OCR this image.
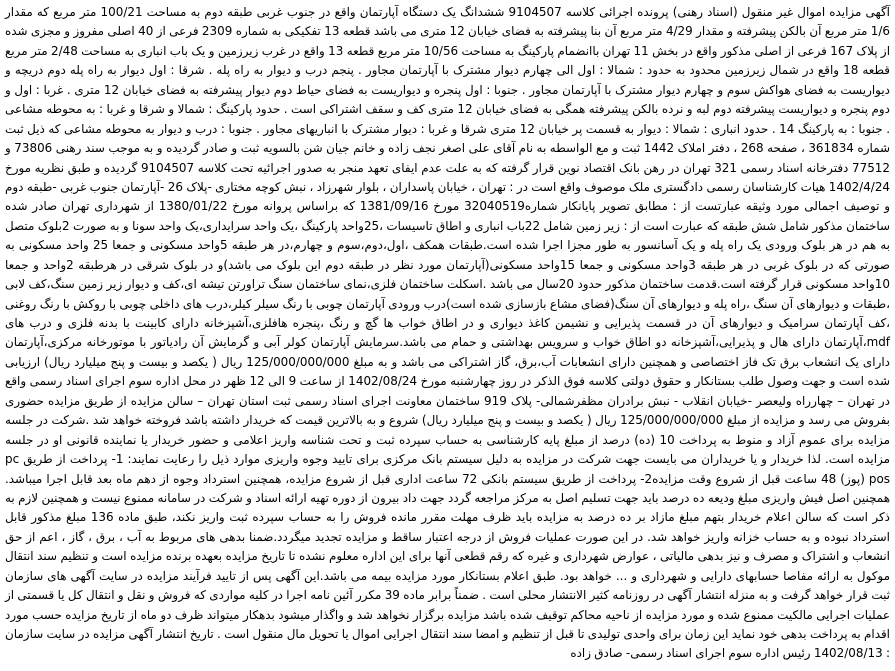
آگهی مزایده اموال غیر منقول (اسناد رهنی) پرونده اجرائی کلاسه 9104507 ششدانگ یک دستگاه آپارتمان واقع در جنوب غربی طبقه دوم به مساحت 100/21 متر مربع که مقدار 1/6 متر مربع آن بالکن پیشرفته و مقدار 4/29 متر مربع آن بنا پیشرفته به فضای خیابان 12 متری می باشد قطعه 13 تفکیکی به شماره 2309 فرعی از 40 اصلی مفروز و مجزی شده از پلاک 167 فرعی از اصلی مذکور واقع در بخش 11 تهران باانضمام پارکینگ به مساحت 10/56 متر مربع قطعه 13 واقع در غرب زیرزمین و یک باب انباری به مساحت 2/48 متر مربع قطعه 18 واقع در شمال زیرزمین محدود به حدود : شمالا : اول الی چهارم دیوار مشترک با آپارتمان مجاور . پنجم درب و دیوار به راه پله . شرقا : اول دیوار به راه پله دوم دریچه و دیواریست به فضای هواکش سوم و چهارم دیوار مشترک با آپارتمان مجاور . جنوبا : اول پنجره و دیواریست به فضای حیاط دوم دیوار پیشرفته به فضای خیابان 12 متری . غربا : اول و دوم پنجره و دیواریست پیشرفته دوم لبه و نرده بالکن پیشرفته همگی به فضای خیابان 12 متری کف و سقف اشتراکی است . حدود پارکینگ : شمالا و شرقا و غربا : به محوطه مشاعی . جنوبا : به پارکینگ 14 . حدود انباری : شمالا : دیوار به قسمت پر خیابان 12 متری شرقا و غربا : دیوار مشترک با انباریهای مجاور . جنوبا : درب و دیوار به محوطه مشاعی که ذیل ثبت شماره 361834 ، صفحه 268 ، دفتر املاک 1442 ثبت و مع الواسطه به نام آقای علی اصغر نجف زاده و خانم جیان شن بالسویه ثبت و صادر گردیده و به موجب سند رهنی 73806 و 77512 دفترخانه اسناد رسمی 321 تهران در رهن بانک اقتصاد نوین قرار گرفته که به علت عدم ایفای تعهد منجر به صدور اجرائیه تحت کلاسه 9104507 گردیده و طبق نظریه مورخ 1402/4/24 هیات کارشناسان رسمی دادگستری ملک موصوف واقع است در : تهران ، خیابان پاسداران ، بلوار شهرزاد ، نبش کوچه مختاری -پلاک 26 -آپارتمان جنوب غربی -طبقه دوم و توصیف اجمالی مورد وثیقه عبارتست از : مطابق تصویر پایانکار شماره32040519 مورخ 1381/09/16 که براساس پروانه مورخ 1380/01/22 از شهرداری تهران صادر شده ساختمان مذکور شامل شش طبقه که عبارت است از : زیر زمین شامل 22باب انباری و اطاق تاسیسات ،25واحد پارکینگ ،یک واحد سرایداری،یک واحد سونا و به صورت 2بلوک متصل به هم در هر بلوک ورودی یک راه پله و یک آسانسور به طور مجزا اجرا شده است.طبقات همکف ،اول،دوم،سوم و چهارم،در هر طبقه 5واحد مسکونی و جمعا 25 واحد مسکونی به صورتی که در بلوک غربی در هر طبقه 3واحد مسکونی و جمعا 15واحد مسکونی(آپارتمان مورد نظر در طبقه دوم این بلوک می باشد)و در بلوک شرقی در هرطبقه 2واحد و جمعا 10واحد مسکونی قرار گرفته است.قدمت ساختمان مذکور حدود 20سال می باشد .اسکلت ساختمان فلزی،نمای ساختمان سنگ تراورتن تیشه ای،کف و دیوار زیر زمین سنگ،کف لابی ،طبقات و دیوارهای آن سنگ ،راه پله و دیوارهای آن سنگ(فضای مشاع بازسازی شده است)درب ورودی آپارتمان چوبی با رنگ سیلر کیلر،درب های داخلی چوبی با روکش با رنگ روغنی ،کف آپارتمان سرامیک و دیوارهای آن در قسمت پذیرایی و نشیمن کاغذ دیواری و در اطاق خواب ها گچ و رنگ ،پنجره هافلزی،آشپزخانه دارای کابینت با بدنه فلزی و درب های mdf،آپارتمان دارای هال و پذیرایی،آشپزخانه دو اطاق خواب و سرویس بهداشتی و حمام می باشد.سرمایش آپارتمان کولر آبی و گرمایش آن رادیاتور با موتورخانه مرکزی،آپارتمان دارای یک انشعاب برق تک فاز اختصاصی و همچنین دارای انشعابات آب،برق، گاز اشتراکی می باشد و به مبلغ 125/000/000/000 ریال ( یکصد و بیست و پنج میلیارد ریال) ارزیابی شده است و جهت وصول طلب بستانکار و حقوق دولتی کلاسه فوق الذکر در روز چهارشنبه مورخ 1402/08/24 از ساعت 9 الی 12 ظهر در محل اداره سوم اجرای اسناد رسمی واقع در تهران – چهارراه ولیعصر -خیابان انقلاب - نبش برادران مظفرشمالی- پلاک 919 ساختمان معاونت اجرای اسناد رسمی ثبت استان تهران – سالن مزایده از طریق مزایده حضوری بفروش می رسد و مزایده از مبلغ 125/000/000/000 ریال ( یکصد و بیست و پنج میلیارد ریال) شروع و به بالاترین قیمت که خریدار داشته باشد فروخته خواهد شد .شرکت در جلسه مزایده برای عموم آزاد و منوط به پرداخت 10 (ده) درصد از مبلغ پایه کارشناسی به حساب سپرده ثبت و تحت شناسه واریز اعلامی و حضور خریدار یا نماینده قانونی او در جلسه مزایده است. لذا خریدار و یا خریداران می بایست جهت شرکت در مزایده به دلیل سیستم بانک مرکزی برای تایید وجوه واریزی موارد ذیل را رعایت نمایند: 1- پرداخت از طریق pc pos (پوز) 48 ساعت قبل از شروع وقت مزایده2- پرداخت از طریق سیستم بانکی 72 ساعت اداری قبل از شروع مزایده، همچنین استرداد وجوه از دهم ماه بعد قابل اجرا میباشد. همچنین اصل فیش واریزی مبلغ ودیعه ده درصد باید جهت تسلیم اصل به مرکز مراجعه گردد جهت داد بیرون از دوره تهیه ارائه اسناد و شرکت در سامانه ممنوع نیست و همچنین لازم به ذکر است که سالن اعلام خریدار بتهم مبلغ مازاد بر ده درصد به مزایده باید ظرف مهلت مقرر مانده فروش را به حساب سپرده ثبت واریز نکند، طبق ماده 136 مبلغ مذکور قابل استرداد نبوده و به حساب خزانه واریز خواهد شد. در این صورت عملیات فروش از درجه اعتبار ساقط و مزایده تجدید میگردد.ضمنا بدهی های مربوط به آب ، برق ، گاز ، اعم از حق انشعاب و اشتراک و مصرف و نیز بدهی مالیاتی ، عوارض شهرداری و غیره که رقم قطعی آنها برای این اداره معلوم نشده تا تاریخ مزایده بعهده برنده مزایده است و تنظیم سند انتقال موکول به ارائه مفاصا حسابهای دارایی و شهرداری و ... خواهد بود. طبق اعلام بستانکار مورد مزایده بیمه می باشد.این آگهی پس از تایید فرآیند مزایده در سایت آگهی های سازمان ثبت قرار خواهد گرفت و به منزله انتشار آگهی در روزنامه کثیر الانتشار محلی است . ضمناً برابر ماده 39 مکرر آئین نامه اجرا در کلیه مواردی که فروش و نقل و انتقال کل یا قسمتی از عملیات اجرایی مالکیت ممنوع شده و مورد مزایده از ناحیه محاکم توقیف شده باشد مزایده برگزار نخواهد شد و واگذار میشود بدهکار میتواند ظرف دو ماه از تاریخ مزایده حسب مورد اقدام به پرداخت بدهی خود نماید این زمان برای واحدی تولیدی تا قبل از تنظیم و امضا سند انتقال اجرایی اموال یا تحویل مال منقول است . تاریخ انتشار آگهی مزایده در سایت سازمان : 1402/08/13 رئیس اداره سوم اجرای اسناد رسمی- صادق زاده
